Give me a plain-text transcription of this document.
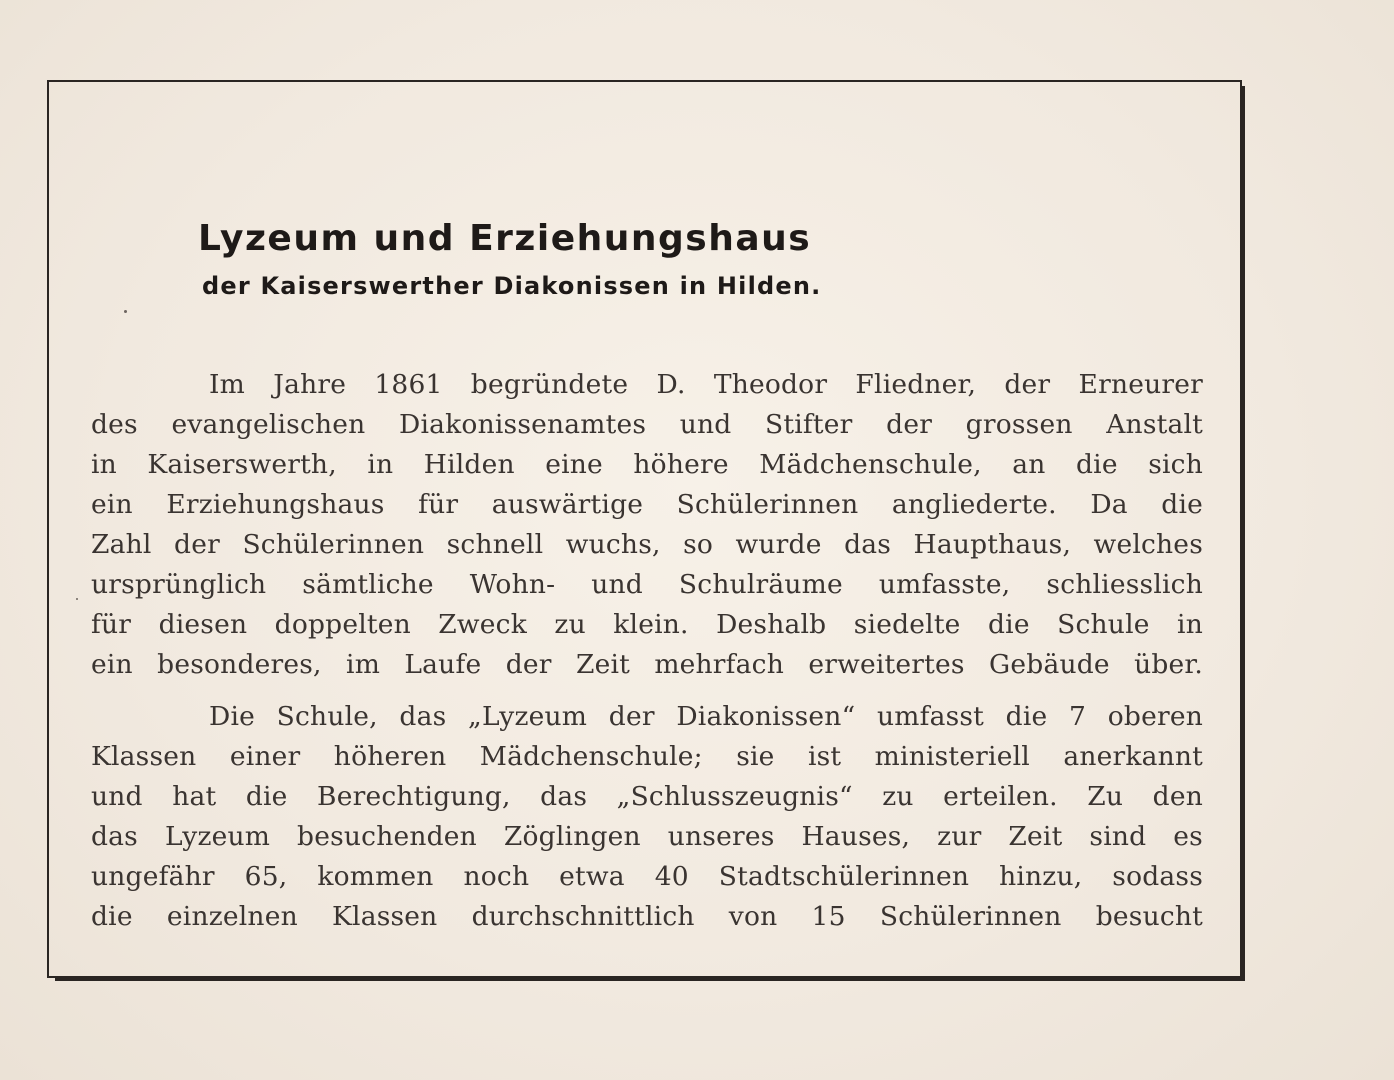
Lyzeum und Erziehungshaus
der Kaiserswerther Diakonissen in Hilden.
Im Jahre 1861 begründete D. Theodor Fliedner, der Erneurer
des evangelischen Diakonissenamtes und Stifter der grossen Anstalt
in Kaiserswerth, in Hilden eine höhere Mädchenschule, an die sich
ein Erziehungshaus für auswärtige Schülerinnen angliederte. Da die
Zahl der Schülerinnen schnell wuchs, so wurde das Haupthaus, welches
ursprünglich sämtliche Wohn- und Schulräume umfasste, schliesslich
für diesen doppelten Zweck zu klein. Deshalb siedelte die Schule in
ein besonderes, im Laufe der Zeit mehrfach erweitertes Gebäude über.
Die Schule, das „Lyzeum der Diakonissen“ umfasst die 7 oberen
Klassen einer höheren Mädchenschule; sie ist ministeriell anerkannt
und hat die Berechtigung, das „Schlusszeugnis“ zu erteilen. Zu den
das Lyzeum besuchenden Zöglingen unseres Hauses, zur Zeit sind es
ungefähr 65, kommen noch etwa 40 Stadtschülerinnen hinzu, sodass
die einzelnen Klassen durchschnittlich von 15 Schülerinnen besucht
